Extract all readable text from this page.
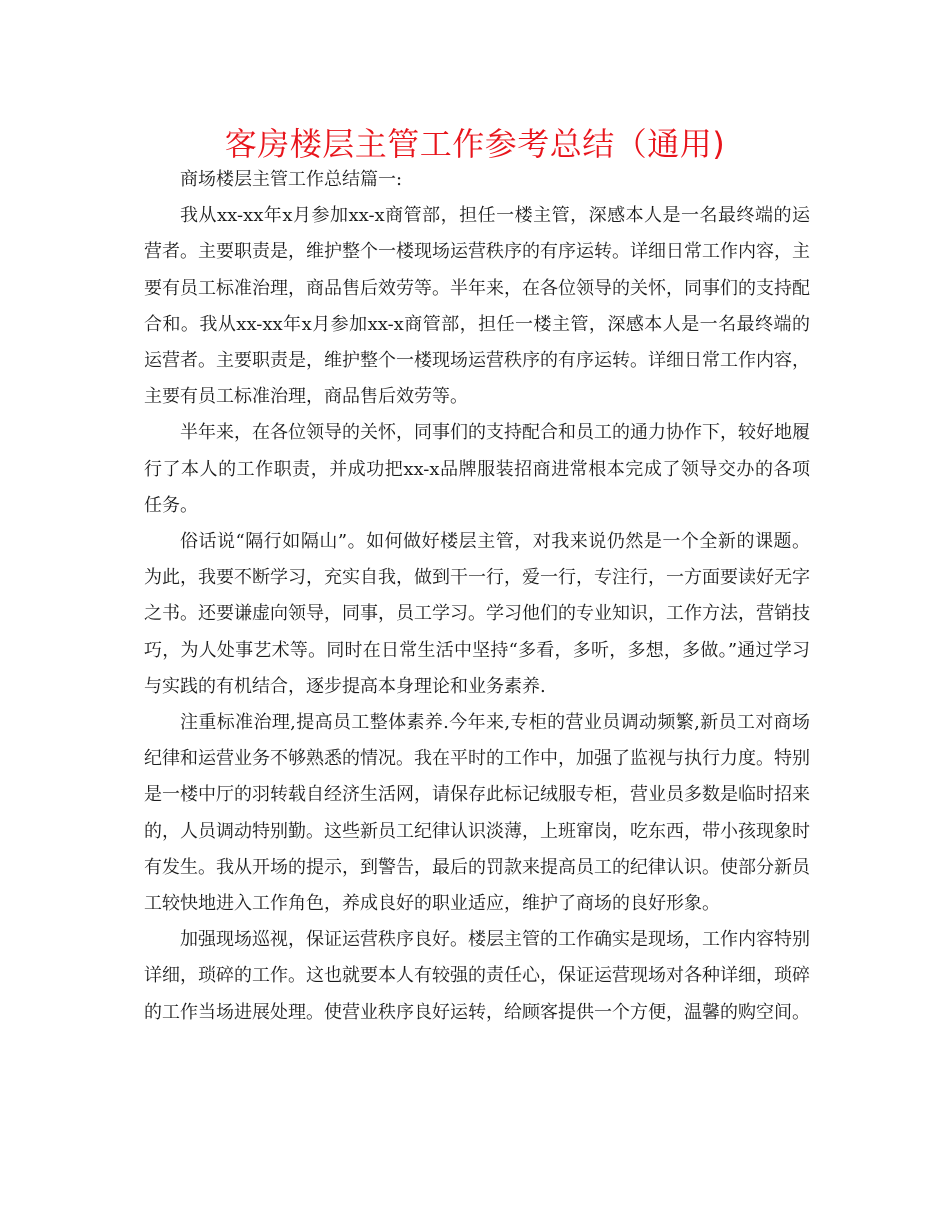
客房楼层主管工作参考总结（通用)

商场楼层主管工作总结篇一:

我从xx-xx年x月参加xx-x商管部，担任一楼主管，深感本人是一名最终端的运营者。主要职责是，维护整个一楼现场运营秩序的有序运转。详细日常工作内容，主要有员工标准治理，商品售后效劳等。半年来，在各位领导的关怀，同事们的支持配合和。我从xx-xx年x月参加xx-x商管部，担任一楼主管，深感本人是一名最终端的运营者。主要职责是，维护整个一楼现场运营秩序的有序运转。详细日常工作内容，主要有员工标准治理，商品售后效劳等。

半年来，在各位领导的关怀，同事们的支持配合和员工的通力协作下，较好地履行了本人的工作职责，并成功把xx-x品牌服装招商进常根本完成了领导交办的各项任务。

俗话说“隔行如隔山”。如何做好楼层主管，对我来说仍然是一个全新的课题。为此，我要不断学习，充实自我，做到干一行，爱一行，专注行，一方面要读好无字之书。还要谦虚向领导，同事，员工学习。学习他们的专业知识，工作方法，营销技巧，为人处事艺术等。同时在日常生活中坚持“多看，多听，多想，多做。”通过学习与实践的有机结合，逐步提高本身理论和业务素养.

注重标准治理,提高员工整体素养.今年来,专柜的营业员调动频繁,新员工对商场纪律和运营业务不够熟悉的情况。我在平时的工作中，加强了监视与执行力度。特别是一楼中厅的羽转载自经济生活网，请保存此标记绒服专柜，营业员多数是临时招来的，人员调动特别勤。这些新员工纪律认识淡薄，上班窜岗，吃东西，带小孩现象时有发生。我从开场的提示，到警告，最后的罚款来提高员工的纪律认识。使部分新员工较快地进入工作角色，养成良好的职业适应，维护了商场的良好形象。

加强现场巡视，保证运营秩序良好。楼层主管的工作确实是现场，工作内容特别详细，琐碎的工作。这也就要本人有较强的责任心，保证运营现场对各种详细，琐碎的工作当场进展处理。使营业秩序良好运转，给顾客提供一个方便，温馨的购空间。
